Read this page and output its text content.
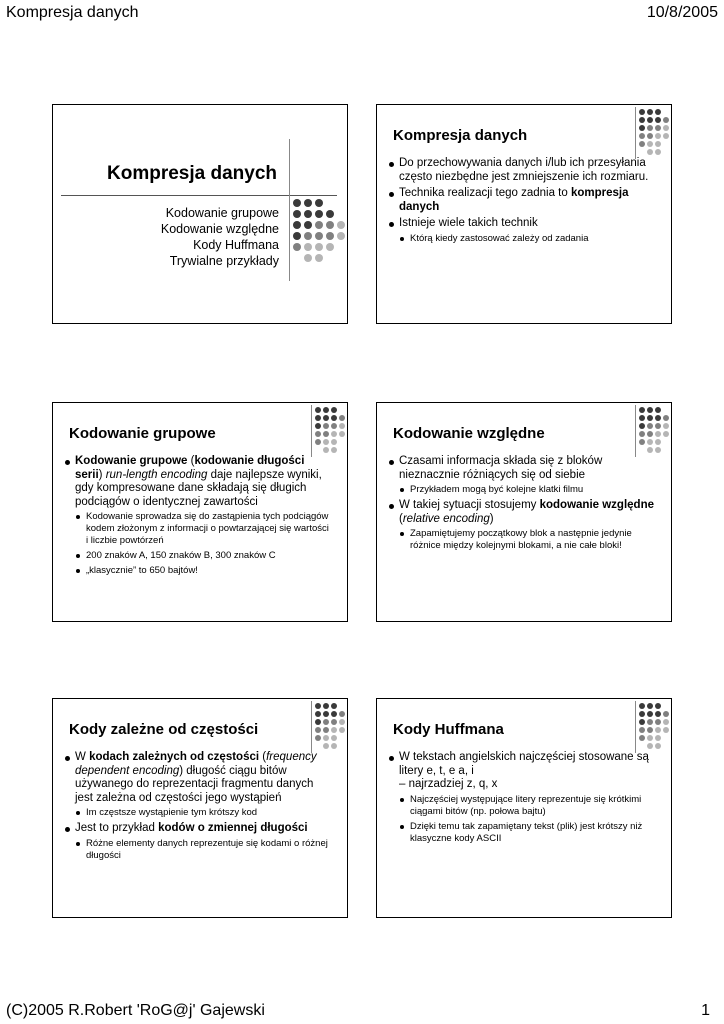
Kompresja danych	10/8/2005
Kompresja danych
Kodowanie grupowe
Kodowanie względne
Kody Huffmana
Trywialne przykłady
Kompresja danych
Do przechowywania danych i/lub ich przesyłania często niezbędne jest zmniejszenie ich rozmiaru.
Technika realizacji tego zadnia to kompresja danych
Istnieje wiele takich technik
Którą kiedy zastosować zależy od zadania
Kodowanie grupowe
Kodowanie grupowe (kodowanie długości serii) run-length encoding daje najlepsze wyniki, gdy kompresowane dane składają się długich podciągów o identycznej zawartości
Kodowanie sprowadza się do zastąpienia tych podciągów kodem złożonym z informacji o powtarzającej się wartości i liczbie powtórzeń
200 znaków A, 150 znaków B, 300 znaków C
„klasycznie” to 650 bajtów!
Kodowanie względne
Czasami informacja składa się z bloków nieznacznie różniących się od siebie
Przykładem mogą być kolejne klatki filmu
W takiej sytuacji stosujemy kodowanie względne (relative encoding)
Zapamiętujemy początkowy blok a następnie jedynie różnice między kolejnymi blokami, a nie całe bloki!
Kody zależne od częstości
W kodach zależnych od częstości (frequency dependent encoding) długość ciągu bitów używanego do reprezentacji fragmentu danych jest zależna od częstości jego wystąpień
Im częstsze wystąpienie tym krótszy kod
Jest to przykład kodów o zmiennej długości
Różne elementy danych reprezentuje się kodami o różnej długości
Kody Huffmana
W tekstach angielskich najczęściej stosowane są litery e, t, e a, i
– najrzadziej z, q, x
Najczęściej występujące litery reprezentuje się krótkimi ciągami bitów (np. połowa bajtu)
Dzięki temu tak zapamiętany tekst (plik) jest krótszy niż klasyczne kody ASCII
(C)2005 R.Robert 'RoG@j' Gajewski	1
